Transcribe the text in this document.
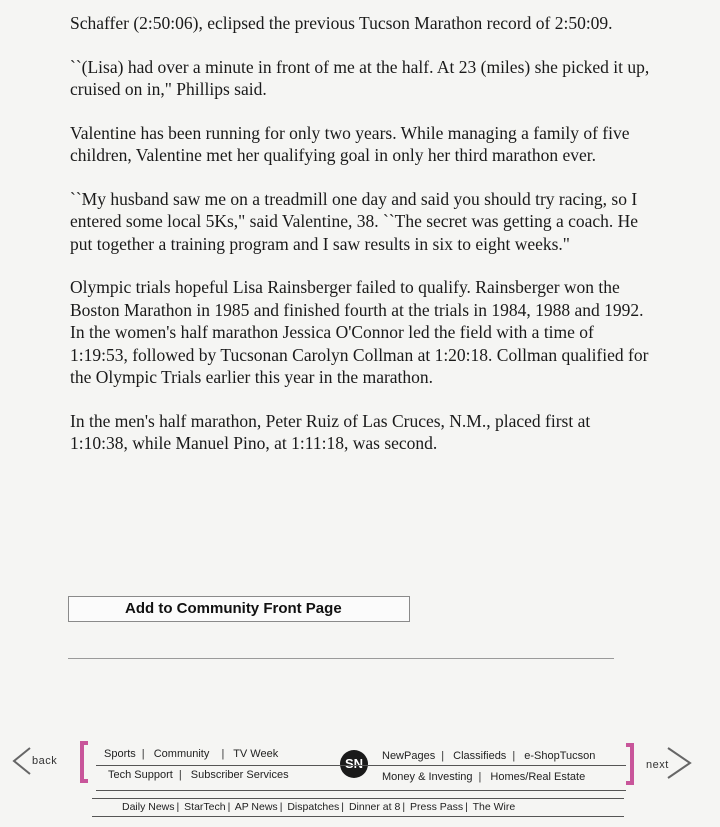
Schaffer (2:50:06), eclipsed the previous Tucson Marathon record of 2:50:09.

``(Lisa) had over a minute in front of me at the half. At 23 (miles) she picked it up, cruised on in," Phillips said.

Valentine has been running for only two years. While managing a family of five children, Valentine met her qualifying goal in only her third marathon ever.

``My husband saw me on a treadmill one day and said you should try racing, so I entered some local 5Ks," said Valentine, 38. ``The secret was getting a coach. He put together a training program and I saw results in six to eight weeks."

Olympic trials hopeful Lisa Rainsberger failed to qualify. Rainsberger won the Boston Marathon in 1985 and finished fourth at the trials in 1984, 1988 and 1992. In the women's half marathon Jessica O'Connor led the field with a time of 1:19:53, followed by Tucsonan Carolyn Collman at 1:20:18. Collman qualified for the Olympic Trials earlier this year in the marathon.

In the men's half marathon, Peter Ruiz of Las Cruces, N.M., placed first at 1:10:38, while Manuel Pino, at 1:11:18, was second.

Add to Community Front Page
back
Sports | Community  | TV Week
Tech Support | Subscriber Services
SN	NewPages | Classifieds | e-ShopTucson
Money & Investing | Homes/Real Estate
next
Daily News | StarTech | AP News | Dispatches | Dinner at 8 | Press Pass | The Wire
